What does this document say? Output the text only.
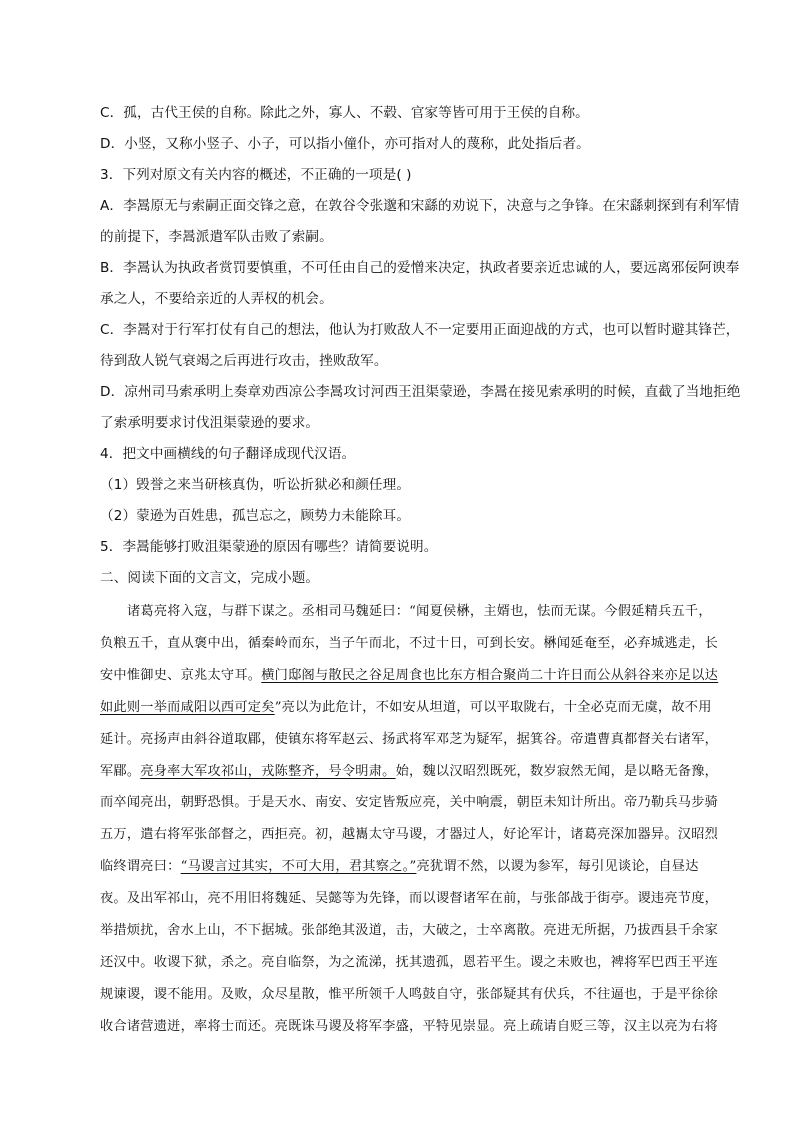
C．孤，古代王侯的自称。除此之外，寡人、不毂、官家等皆可用于王侯的自称。
D．小竖，又称小竖子、小子，可以指小僮仆，亦可指对人的蔑称，此处指后者。
3．下列对原文有关内容的概述，不正确的一项是( )
A．李暠原无与索嗣正面交锋之意，在敦谷令张邈和宋繇的劝说下，决意与之争锋。在宋繇刺探到有利军情
的前提下，李暠派遣军队击败了索嗣。
B．李暠认为执政者赏罚要慎重，不可任由自己的爱憎来决定，执政者要亲近忠诚的人，要远离邪佞阿谀奉
承之人，不要给亲近的人弄权的机会。
C．李暠对于行军打仗有自己的想法，他认为打败敌人不一定要用正面迎战的方式，也可以暂时避其锋芒，
待到敌人锐气衰竭之后再进行攻击，挫败敌军。
D．凉州司马索承明上奏章劝西凉公李暠攻讨河西王沮渠蒙逊，李暠在接见索承明的时候，直截了当地拒绝
了索承明要求讨伐沮渠蒙逊的要求。
4．把文中画横线的句子翻译成现代汉语。
（1）毁誉之来当研核真伪，听讼折狱必和颜任理。
（2）蒙逊为百姓患，孤岂忘之，顾势力未能除耳。
5．李暠能够打败沮渠蒙逊的原因有哪些？请简要说明。
二、阅读下面的文言文，完成小题。
诸葛亮将入寇，与群下谋之。丞相司马魏延曰：“闻夏侯楙，主婿也，怯而无谋。今假延精兵五千，
负粮五千，直从褒中出，循秦岭而东，当子午而北，不过十日，可到长安。楙闻延奄至，必弃城逃走，长
安中惟御史、京兆太守耳。横门邸阁与散民之谷足周食也比东方相合聚尚二十许日而公从斜谷来亦足以达
如此则一举而咸阳以西可定矣”亮以为此危计，不如安从坦道，可以平取陇右，十全必克而无虞，故不用
延计。亮扬声由斜谷道取郿，使镇东将军赵云、扬武将军邓芝为疑军，据箕谷。帝遣曹真都督关右诸军，
军郿。亮身率大军攻祁山，戎陈整齐，号令明肃。始，魏以汉昭烈既死，数岁寂然无闻，是以略无备豫，
而卒闻亮出，朝野恐惧。于是天水、南安、安定皆叛应亮，关中响震，朝臣未知计所出。帝乃勒兵马步骑
五万，遣右将军张郃督之，西拒亮。初，越巂太守马谡，才器过人，好论军计，诸葛亮深加器异。汉昭烈
临终谓亮曰：“马谡言过其实，不可大用，君其察之。”亮犹谓不然，以谡为参军，每引见谈论，自昼达
夜。及出军祁山，亮不用旧将魏延、吴懿等为先锋，而以谡督诸军在前，与张郃战于街亭。谡违亮节度，
举措烦扰，舍水上山，不下据城。张郃绝其汲道，击，大破之，士卒离散。亮进无所据，乃拔西县千余家
还汉中。收谡下狱，杀之。亮自临祭，为之流涕，抚其遗孤，恩若平生。谡之未败也，裨将军巴西王平连
规谏谡，谡不能用。及败，众尽星散，惟平所领千人鸣鼓自守，张郃疑其有伏兵，不往逼也，于是平徐徐
收合诸营遗迸，率将士而还。亮既诛马谡及将军李盛，平特见崇显。亮上疏请自贬三等，汉主以亮为右将
